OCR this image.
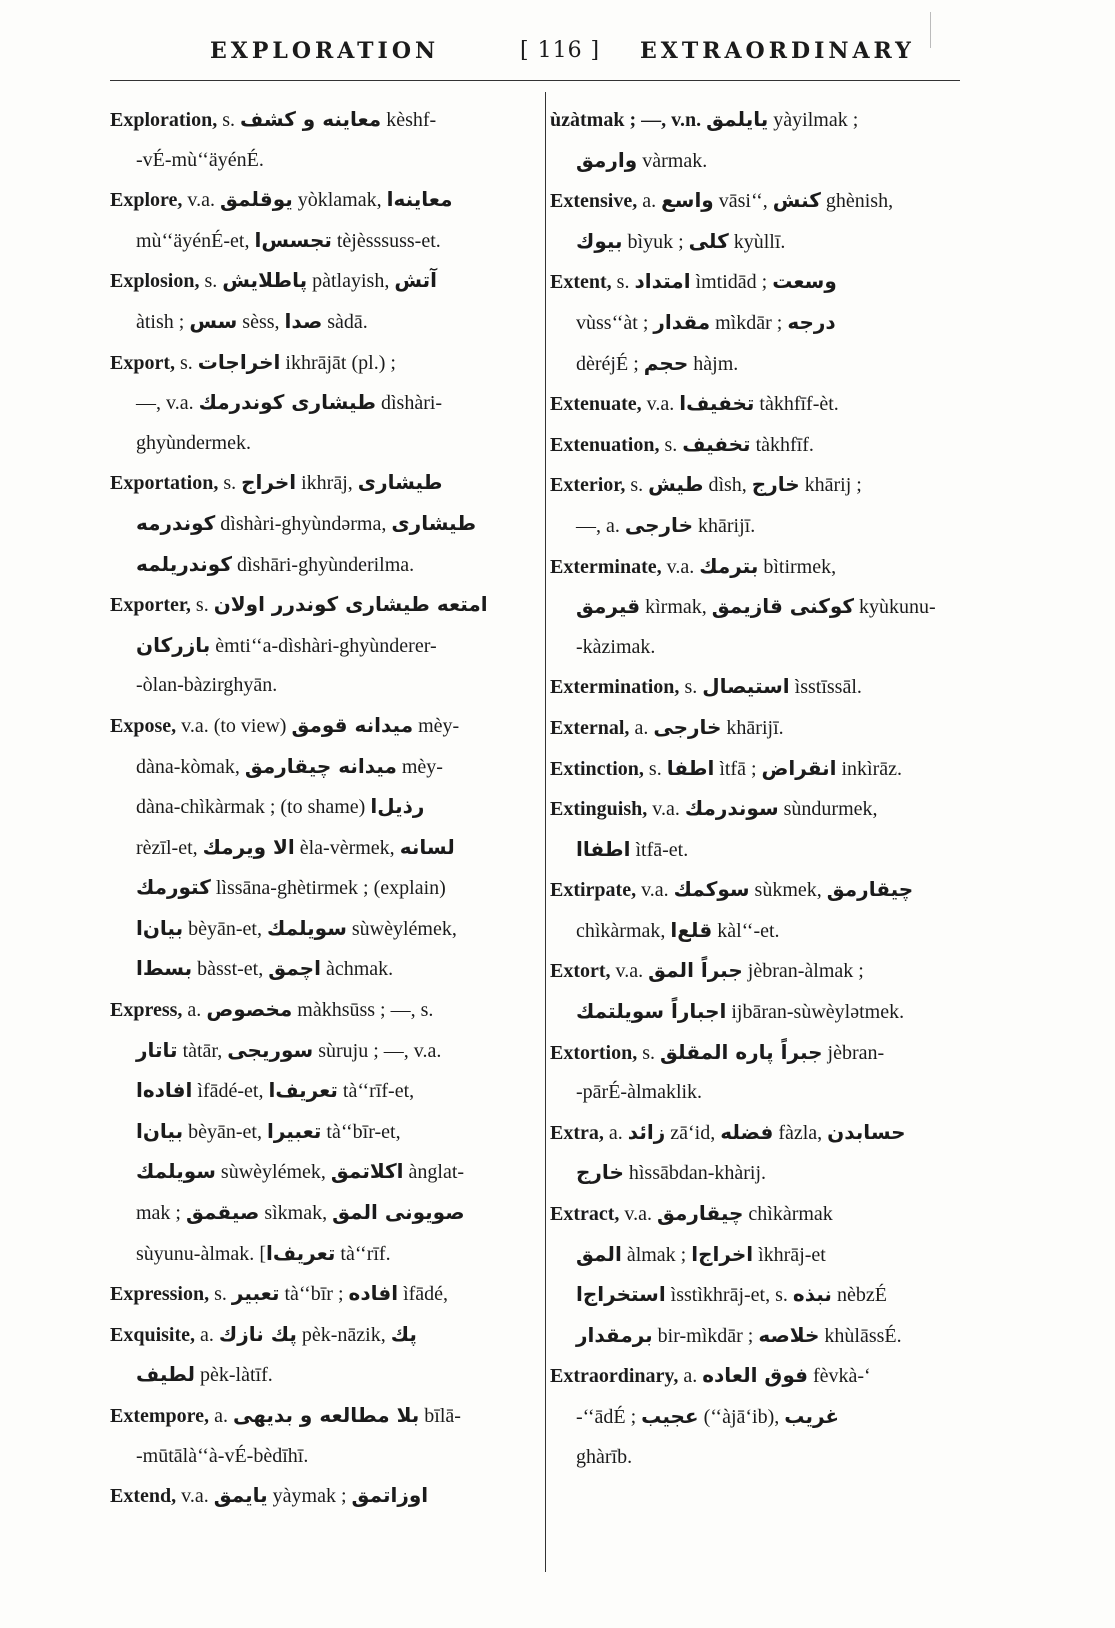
EXPLORATION	[ 116 ] EXTRAORDINARY

Exploration, s. معاينه و كشف kèshf-

-vÉ-mù‘‘äyénÉ.

Explore, v.a. يوقلمق yòklamak, معاينه‌ا

mù‘‘äyénÉ-et, تجسس‌ا tèjèsssuss-et.

Explosion, s. پاطلايش pàtlayish, آتش

àtish ; سس sèss, صدا sàdā.

Export, s. اخراجات ikhrājāt (pl.) ;

—, v.a. طيشارى كوندرمك dìshàri-

ghyùndermek.

Exportation, s. اخراج ikhrāj, طيشارى

كوندرمه dìshàri-ghyùndərma, طيشارى

كوندريلمه dìshāri-ghyùnderilma.

Exporter, s. امتعه طيشارى كوندرر اولان

بازركان èmti‘‘a-dìshàri-ghyùnderer-

-òlan-bàzirghyān.

Expose, v.a. (to view) ميدانه قومق mèy-

dàna-kòmak, ميدانه چيقارمق mèy-

dàna-chìkàrmak ; (to shame) رذيل‌ا

rèzīl-et, الا ويرمك èla-vèrmek, لسانه

كتورمك lìssāna-ghètirmek ; (explain)

بيان‌ا bèyān-et, سويلمك sùwèylémek,

بسط‌ا bàsst-et, اچمق àchmak.

Express, a. مخصوص màkhsūss ; —, s.

تاتار tàtār, سوريجى sùruju ; —, v.a.

افاده‌ا ìfādé-et, تعريف‌ا tà‘‘rīf-et,

بيان‌ا bèyān-et, تعبير‌ا tà‘‘bīr-et,

سويلمك sùwèylémek, اكلاتمق ànglat-

mak ; صيقمق sìkmak, صويونى المق

sùyunu-àlmak. [تعريف‌ا tà‘‘rīf.

Expression, s. تعبير tà‘‘bīr ; افاده ìfādé,

Exquisite, a. پك نازك pèk-nāzik, پك

لطيف pèk-làtīf.

Extempore, a. بلا مطالعه و بديهى bīlā-

-mūtālà‘‘à-vÉ-bèdīhī.

Extend, v.a. يايمق yàymak ; اوزاتمق

ùzàtmak ; —, v.n. يايلمق yàyilmak ;

وارمق vàrmak.

Extensive, a. واسع vāsi‘‘, كنش ghènish,

بيوك bìyuk ; كلى kyùllī.

Extent, s. امتداد ìmtidād ; وسعت

vùss‘‘àt ; مقدار mìkdār ; درجه

dèréjÉ ; حجم hàjm.

Extenuate, v.a. تخفيف‌ا tàkhfīf-èt.

Extenuation, s. تخفيف tàkhfīf.

Exterior, s. طيش dìsh, خارج khārij ;

—, a. خارجى khārijī.

Exterminate, v.a. بترمك bìtirmek,

قيرمق kìrmak, كوكنى قازيمق kyùkunu-

-kàzimak.

Extermination, s. استيصال ìsstīssāl.

External, a. خارجى khārijī.

Extinction, s. اطفا ìtfā ; انقراض inkìrāz.

Extinguish, v.a. سوندرمك sùndurmek,

اطفا‌ا ìtfā-et.

Extirpate, v.a. سوكمك sùkmek, چيقارمق

chìkàrmak, قلع‌ا kàl‘‘-et.

Extort, v.a. جبراً المق jèbran-àlmak ;

اجباراً سويلتمك ijbāran-sùwèylətmek.

Extortion, s. جبراً پاره المقلق jèbran-

-pārÉ-àlmaklik.

Extra, a. زائد zā‘id, فضله fàzla, حسابدن

خارج hìssābdan-khàrij.

Extract, v.a. چيقارمق chìkàrmak

المق àlmak ; اخراج‌ا ìkhrāj-et

استخراج‌ا ìsstìkhrāj-et, s. نبذه nèbzÉ

برمقدار bir-mìkdār ; خلاصه khùlāssÉ.

Extraordinary, a. فوق العاده fèvkà-‘

-‘‘ādÉ ; عجيب (‘‘àjā‘ib), غريب

ghàrīb.
